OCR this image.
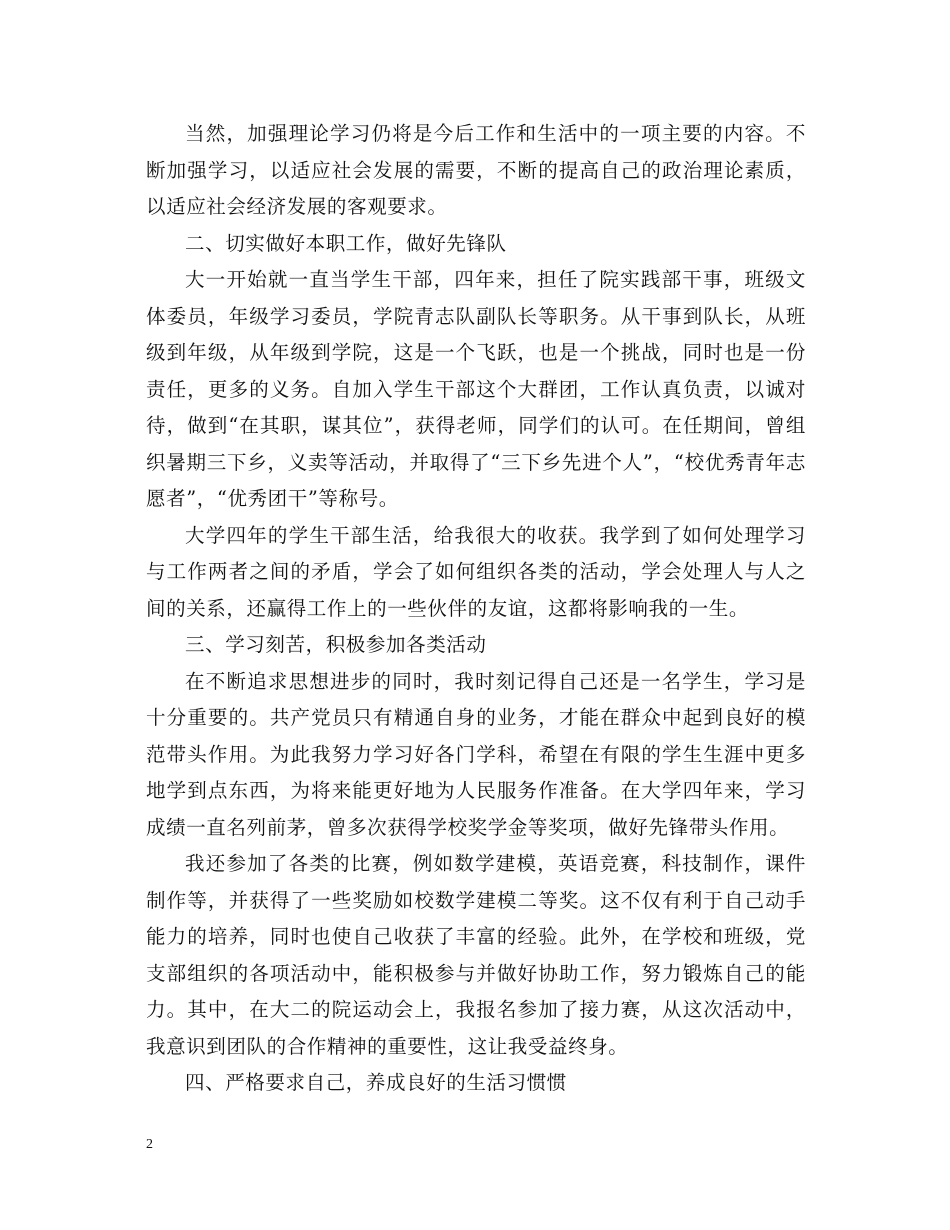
当然，加强理论学习仍将是今后工作和生活中的一项主要的内容。不断加强学习，以适应社会发展的需要，不断的提高自己的政治理论素质，以适应社会经济发展的客观要求。

二、切实做好本职工作，做好先锋队

大一开始就一直当学生干部，四年来，担任了院实践部干事，班级文体委员，年级学习委员，学院青志队副队长等职务。从干事到队长，从班级到年级，从年级到学院，这是一个飞跃，也是一个挑战，同时也是一份责任，更多的义务。自加入学生干部这个大群团，工作认真负责，以诚对待，做到“在其职，谋其位”，获得老师，同学们的认可。在任期间，曾组织暑期三下乡，义卖等活动，并取得了“三下乡先进个人”，“校优秀青年志愿者”，“优秀团干”等称号。

大学四年的学生干部生活，给我很大的收获。我学到了如何处理学习与工作两者之间的矛盾，学会了如何组织各类的活动，学会处理人与人之间的关系，还赢得工作上的一些伙伴的友谊，这都将影响我的一生。

三、学习刻苦，积极参加各类活动

在不断追求思想进步的同时，我时刻记得自己还是一名学生，学习是十分重要的。共产党员只有精通自身的业务，才能在群众中起到良好的模范带头作用。为此我努力学习好各门学科，希望在有限的学生生涯中更多地学到点东西，为将来能更好地为人民服务作准备。在大学四年来，学习成绩一直名列前茅，曾多次获得学校奖学金等奖项，做好先锋带头作用。

我还参加了各类的比赛，例如数学建模，英语竞赛，科技制作，课件制作等，并获得了一些奖励如校数学建模二等奖。这不仅有利于自己动手能力的培养，同时也使自己收获了丰富的经验。此外，在学校和班级，党支部组织的各项活动中，能积极参与并做好协助工作，努力锻炼自己的能力。其中，在大二的院运动会上，我报名参加了接力赛，从这次活动中，我意识到团队的合作精神的重要性，这让我受益终身。

四、严格要求自己，养成良好的生活习惯惯

2
